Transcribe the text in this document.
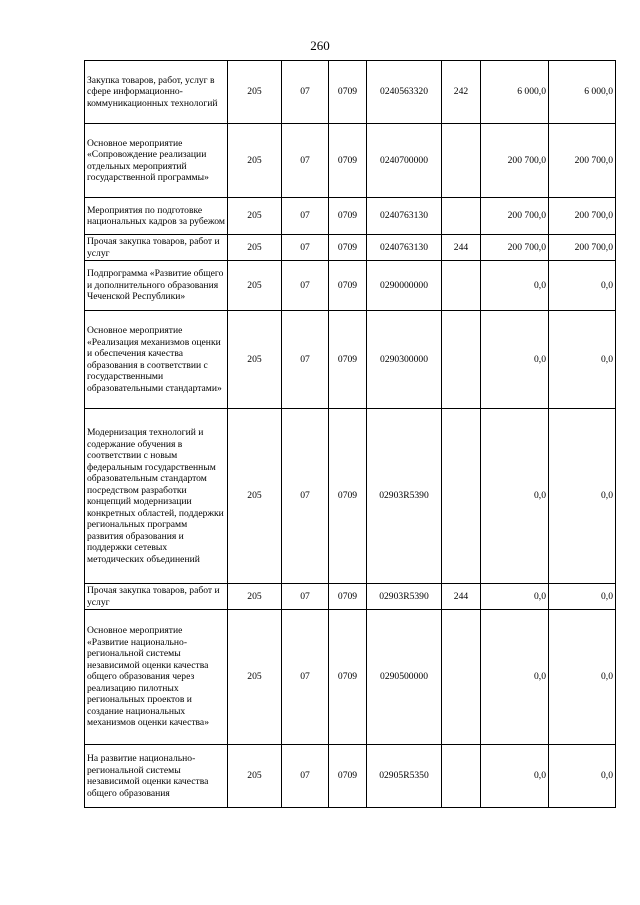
260
Закупка товаров, работ, услуг в сфере информационно-коммуникационных технологий	205	07	0709	0240563320	242	6 000,0	6 000,0
Основное мероприятие «Сопровождение реализации отдельных мероприятий государственной программы»	205	07	0709	0240700000		200 700,0	200 700,0
Мероприятия по подготовке национальных кадров за рубежом	205	07	0709	0240763130		200 700,0	200 700,0
Прочая закупка товаров, работ и услуг	205	07	0709	0240763130	244	200 700,0	200 700,0
Подпрограмма «Развитие общего и дополнительного образования Чеченской Республики»	205	07	0709	0290000000		0,0	0,0
Основное мероприятие «Реализация механизмов оценки и обеспечения качества образования в соответствии с государственными образовательными стандартами»	205	07	0709	0290300000		0,0	0,0
Модернизация технологий и содержание обучения в соответствии с новым федеральным государственным образовательным стандартом посредством разработки концепций модернизации конкретных областей, поддержки региональных программ развития образования и поддержки сетевых методических объединений	205	07	0709	02903R5390		0,0	0,0
Прочая закупка товаров, работ и услуг	205	07	0709	02903R5390	244	0,0	0,0
Основное мероприятие «Развитие национально-региональной системы независимой оценки качества общего образования через реализацию пилотных региональных проектов и создание национальных механизмов оценки качества»	205	07	0709	0290500000		0,0	0,0
На развитие национально-региональной системы независимой оценки качества общего образования	205	07	0709	02905R5350		0,0	0,0
